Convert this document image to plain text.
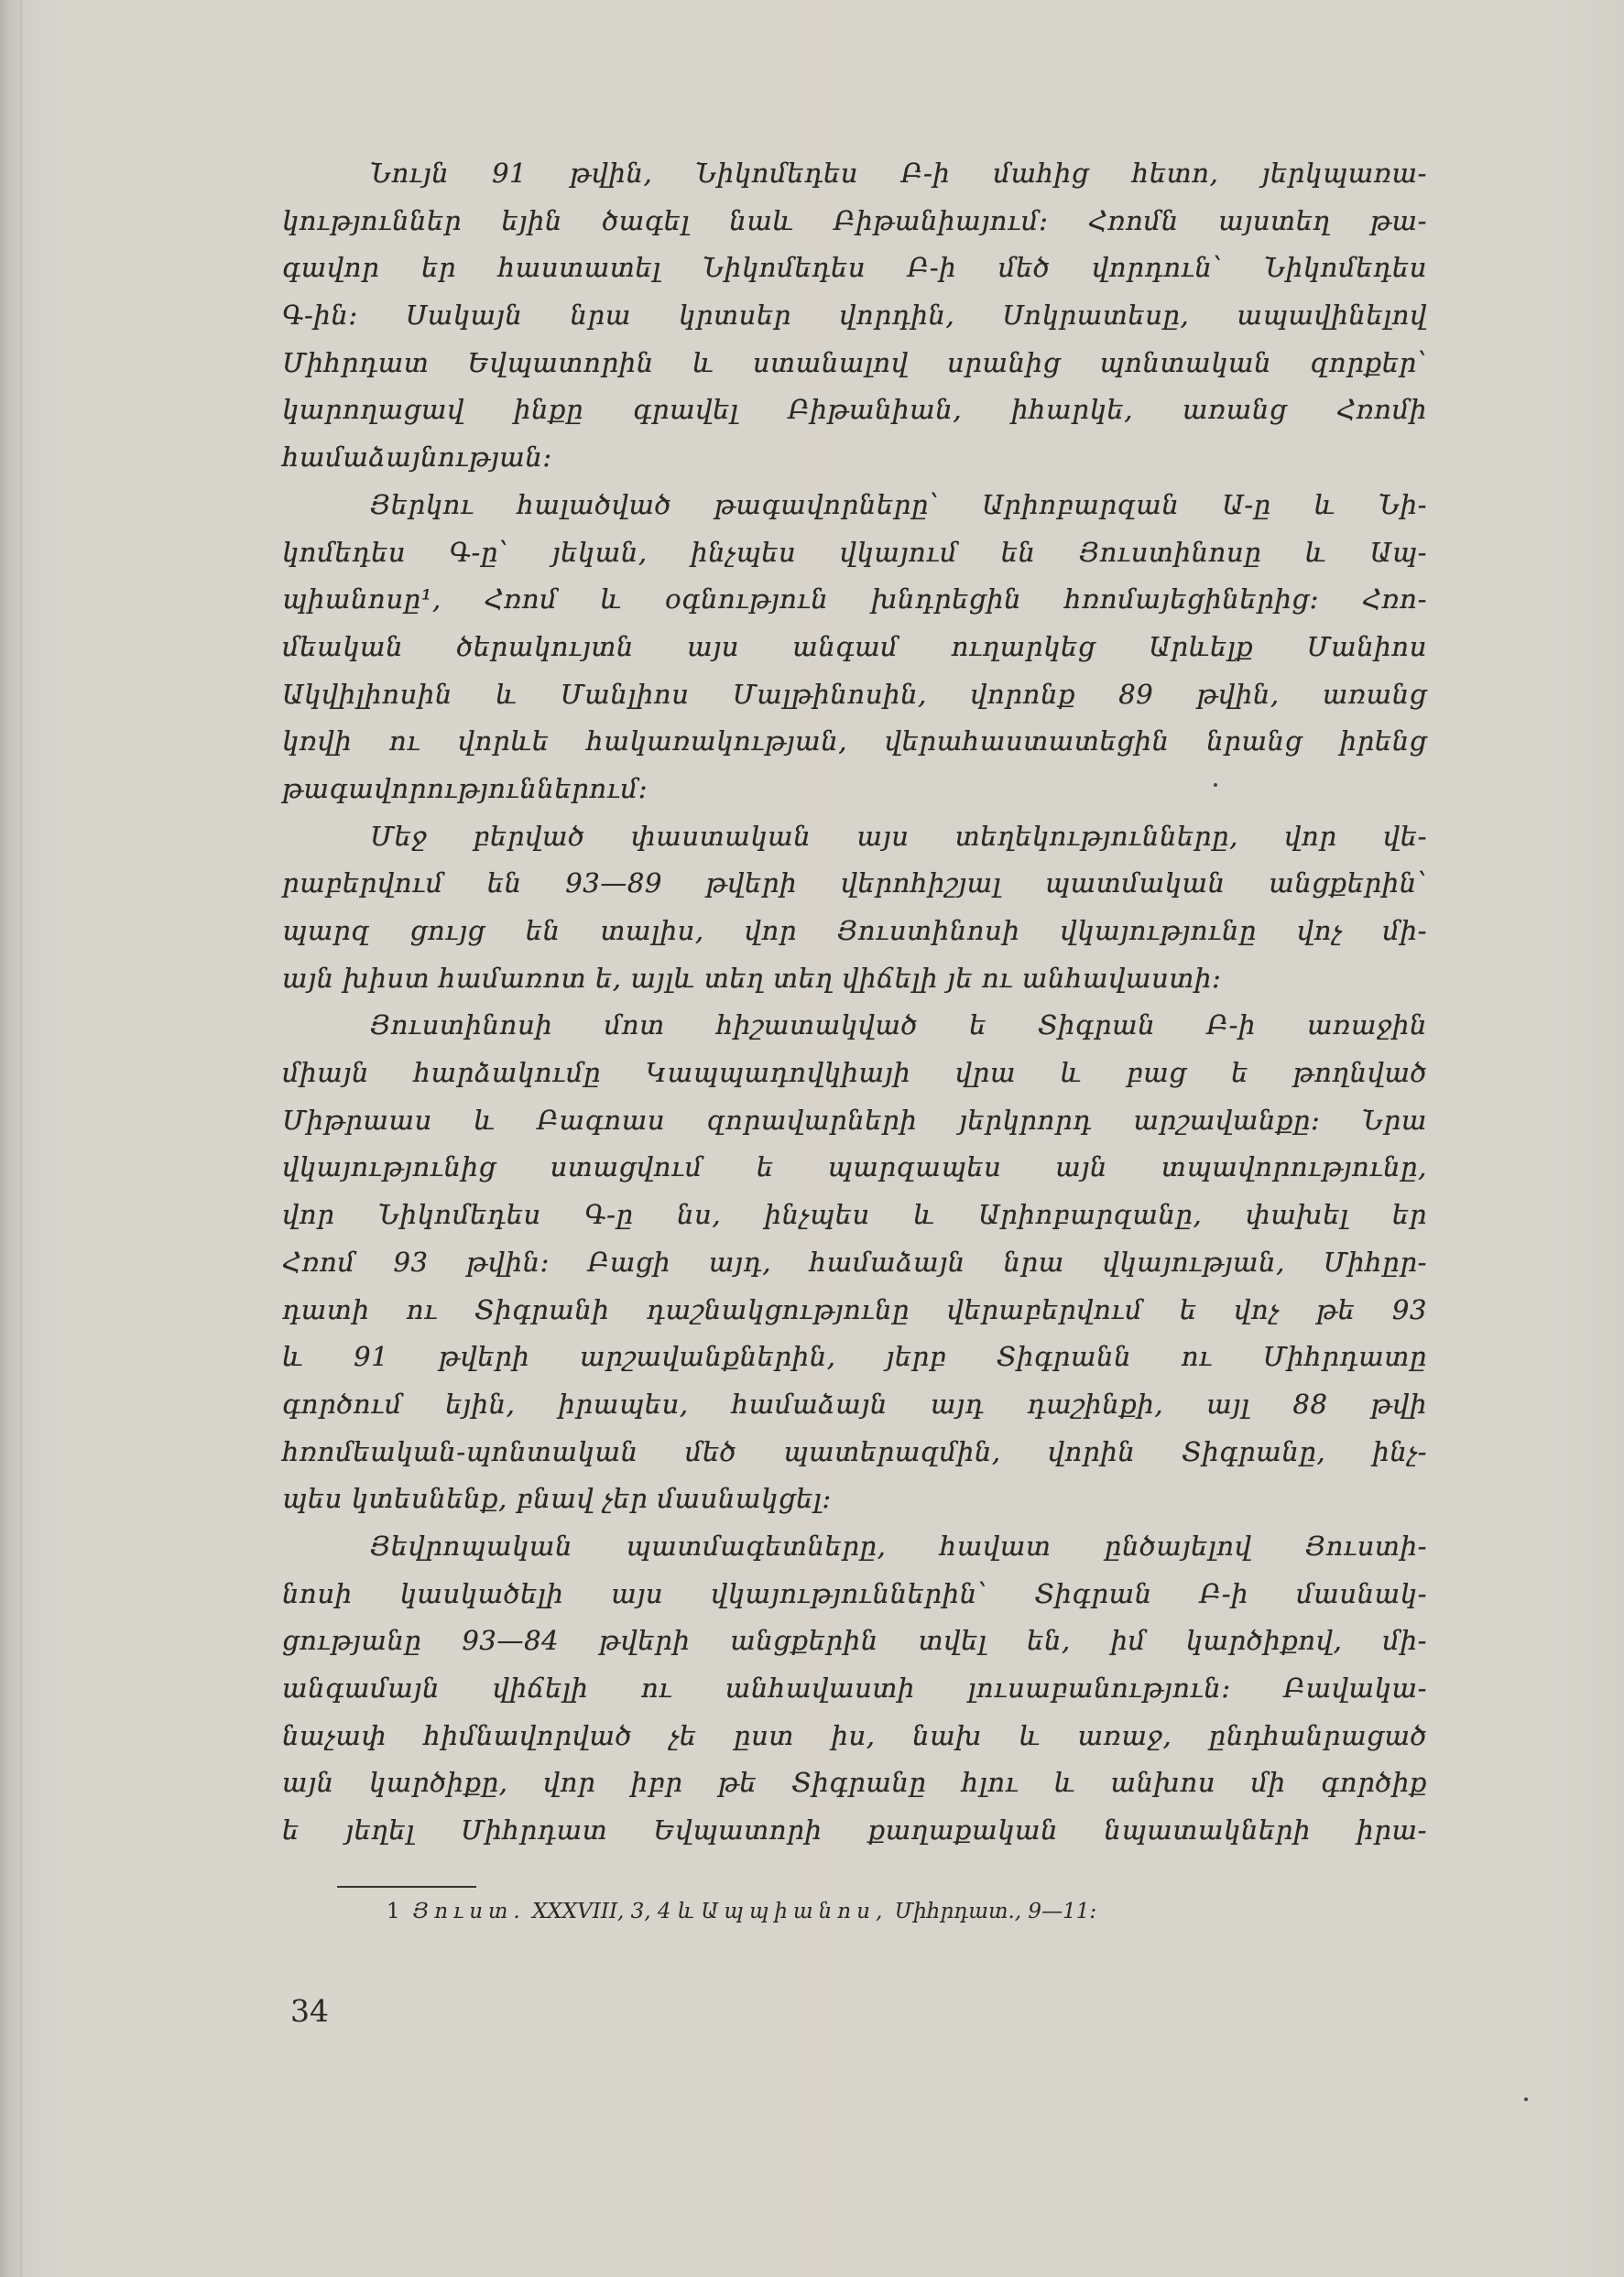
Նույն 91 թվին, Նիկոմեդես Բ-ի մահից հետո, յերկպառա-
կություններ եյին ծագել նաև Բիթանիայում։ Հռոմն այստեղ թա-
գավոր եր հաստատել Նիկոմեդես Բ-ի մեծ վորդուն՝ Նիկոմեդես
Գ-ին։ Սակայն նրա կրտսեր վորդին, Սոկրատեսը, ապավինելով
Միհրդատ Եվպատորին և ստանալով սրանից պոնտական զորքեր՝
կարողացավ ինքը գրավել Բիթանիան, իհարկե, առանց Հռոմի
համաձայնության։
Յերկու հալածված թագավորները՝ Արիոբարզան Ա-ը և Նի-
կոմեդես Գ-ը՝ յեկան, ինչպես վկայում են Յուստինոսը և Ապ-
պիանոսը¹, Հռոմ և օգնություն խնդրեցին հռոմայեցիներից։ Հռո-
մեական ծերակույտն այս անգամ ուղարկեց Արևելք Մանիոս
Ակվիլիոսին և Մանլիոս Մալթինոսին, վորոնք 89 թվին, առանց
կռվի ու վորևե հակառակության, վերահաստատեցին նրանց իրենց
թագավորություններում։
Մեջ բերված փաստական այս տեղեկությունները, վոր վե-
րաբերվում են 93—89 թվերի վերոհիշյալ պատմական անցքերին՝
պարզ ցույց են տալիս, վոր Յուստինոսի վկայությունը վոչ մի-
այն խիստ համառոտ ե, այլև տեղ տեղ վիճելի յե ու անհավաստի։
Յուստինոսի մոտ հիշատակված ե Տիգրան Բ-ի առաջին
միայն հարձակումը Կապպադովկիայի վրա և բաց ե թողնված
Միթրաաս և Բագոաս զորավարների յերկրորդ արշավանքը։ Նրա
վկայությունից ստացվում ե պարզապես այն տպավորությունը,
վոր Նիկոմեդես Գ-ը նս, ինչպես և Արիոբարզանը, փախել եր
Հռոմ 93 թվին։ Բացի այդ, համաձայն նրա վկայության, Միհըր-
դատի ու Տիգրանի դաշնակցությունը վերաբերվում ե վոչ թե 93
և 91 թվերի արշավանքներին, յերբ Տիգրանն ու Միհրդատը
գործում եյին, իրապես, համաձայն այդ դաշինքի, այլ 88 թվի
հռոմեական-պոնտական մեծ պատերազմին, վորին Տիգրանը, ինչ-
պես կտեսնենք, բնավ չեր մասնակցել։
Յեվրոպական պատմագետները, հավատ ընծայելով Յուստի-
նոսի կասկածելի այս վկայություններին՝ Տիգրան Բ-ի մասնակ-
ցությանը 93—84 թվերի անցքերին տվել են, իմ կարծիքով, մի-
անգամայն վիճելի ու անհավաստի լուսաբանություն։ Բավակա-
նաչափ հիմնավորված չե ըստ իս, նախ և առաջ, ընդհանրացած
այն կարծիքը, վոր իբր թե Տիգրանը հլու և անխոս մի գործիք
ե յեղել Միհրդատ Եվպատորի քաղաքական նպատակների իրա-
1 Յուստ. XXXVIII, 3, 4 և Ապպիանոս, Միհրդատ., 9—11։
34
